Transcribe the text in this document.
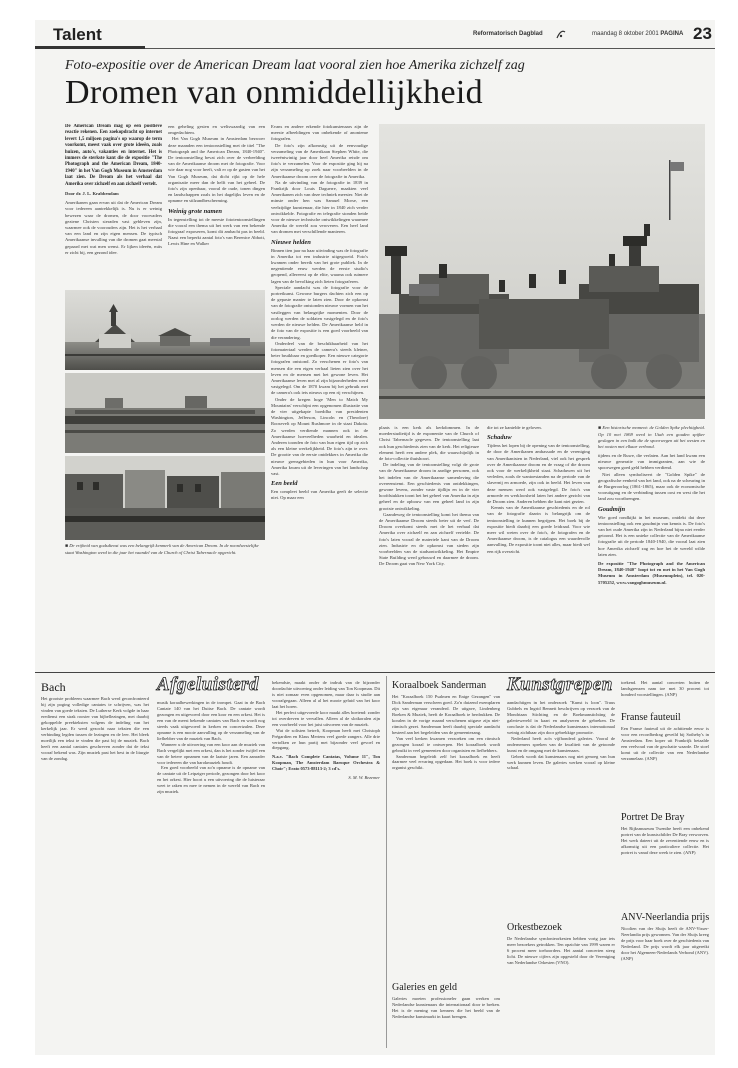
Talent	Reformatorisch Dagblad	maandag 8 oktober 2001 PAGINA 23
Foto-expositie over de American Dream laat vooral zien hoe Amerika zichzelf zag
Dromen van onmiddellijkheid
De American Dream mag op een positieve reactie rekenen. Een zoekopdracht op internet levert 1,5 miljoen pagina's op waarop de term voorkomt, meest vaak over grote ideeën, zoals huizen, auto's, vakanties en internet. Het is immers de sterkste kant die de expositie "The Photograph and the American Dream, 1840-1940" in het Van Gogh Museum in Amsterdam laat zien. De Dream als het verhaal dat Amerika over zichzelf en aan zichzelf vertelt.
Door dr. J. L. Krabbendam
Amerikanen gaan ervan uit dat de American Dream voor iedereen aantrekkelijk is. Nu is er weinig bewezen waar de dromen, de door voorvaders geziene Christen sieraden vast gebleven zijn, waarmee ook de voorouders zijn. Het is het verhaal van een land en zijn eigen mensen. De typisch Amerikaanse invulling van die dromen gaat meestal gepaard met wat men wenst. Er lijken ideeën, mits er zicht bij, een gezond idee.
een geheling gesien en weliswaardig van een omgedachtem.
Het Van Gogh Museum in Amsterdam bezwoer deze maanden een tentoonstelling met de titel "The Photograph and the American Dream, 1840-1940". De tentoonstelling bevat zich over de verbeelding van de Amerikaanse droom met de fotografie. Voor wie daar nog voor heeft, valt er op de gasten van het Van Gogh Museum, dat dicht rijkt op de hele organisatie meer dan de helft van het geheel. De foto's zijn openbaar, vooral de oude, tonen dingen en landschappen zoals in het dagelijks leven en de opname en stilzandbescherming.
Weinig grote namen
In tegenstelling tot de meeste fototentoonstellingen die vooral een thema uit het werk van een bekende fotograaf exposeren, komt dit ambacht pas in beeld. Naast een beperkt aantal foto's van Berenice Abbott, Lewis Hine en Walker
Evans en andere erkende fotokunstenaars zijn de meeste afbeeldingen van onbekende of anonieme fotografen.
De foto's zijn afkomstig uit de eenvoudige verzameling van de Amerikaan Stephen White, die tweeëntwintig jaar door heel Amerika reisde om foto's te verzamelen. Voor de expositie ging hij na zijn verzameling op zoek naar voorbeelden in de Amerikaanse droom over de fotografie in Amerika.
Na de uitvinding van de fotografie in 1839 in Frankrijk door Louis Daguerre, maakten veel Amerikanen zich van deze techniek meester. Niet de minste onder hen was Samuel Morse, een veelzijdige kunstenaar, die hier in 1840 zich verder ontwikkelde. Fotografie en telegrafie stonden beide voor de nieuwe technische ontwikkelingen waarmee Amerika de wereld zou veroveren. Een heel land van dromen met verschillende manieren.
Nieuwe helden
Binnen tien jaar na haar uitvinding was de fotografie in Amerika tot een industrie uitgegroeid. Foto's kwamen onder bereik van het grote publiek. In de negentiende eeuw werden de eerste studio's geopend, allereerst op de elite, waarna ook ruimere lagen van de bevolking zich lieten fotograferen.
Speciale aandacht was de fotografie voor de portretkunst. Gewone burgers dachten zich een op de gepaste manier te laten zien. Door de opkomst van de fotografie ontstonden nieuwe vormen van het vastleggen van belangrijke momenten. Door de oorlog werden de soldaten vastgelegd en de foto's werden de nieuwe helden. De Amerikaanse held in de foto van de expositie is een goed voorbeeld van die verandering.
Onderdeel van de beschikbaarheid van het fotomateriaal werden de camera's steeds kleiner, beter bruikbaar en goedkoper. Een nieuwe categorie fotografen ontstond. Zo verschenen er foto's van mensen die een eigen verhaal lieten zien over het leven en de mensen met het gewone leven. Het Amerikaanse leven met al zijn bijzonderheden werd vastgelegd. Om de 1870 kwam bij het gebruik met de camera's ook iets nieuws op een rij verschijnen.
Onder de kregen hoge 'Men to Match My Mountains' verschijnt een opgenomen illustratie van de vier uitgekapte boeddha van presidenten Washington, Jefferson, Lincoln en (Theodore) Roosevelt op Mount Rushmore in de staat Dakota. Zo werden verdiende mannen ook in de Amerikaanse hoeveelheden waarheid en idealen. Anderen toonden de foto van hun eigen tijd op zich als een kleine werkelijkheid. De foto's zijn te over. De grootte van de eerste ontdekkers in Amerika die nieuwe grensgebieden in hun voor Amerika, Amerika kwam uit de leveringen van het landschap vast.
Een beeld
Een compleet beeld van Amerika geeft de selectie niet. Op maar een
■ De vrijheid van godsdienst was een belangrijk kenmerk van de American Dream. In de noordwestelijke staat Washington werd in die jaar het vaandel van de Church of Christ Tabernacle opgericht.
plaats is een kerk als kerkdommen. In de moederstudietijd is de exponentie van de Church of Christ Tabernacle gegeven. De tentoonstelling laat ook hun geschiedenis zien van de kerk. Het religieuze element heeft een andere plek, die waarschijnlijk in de foto-collectie thuishoort.
De indeling van de tentoonstelling volgt de grote van de Amerikaanse droom in aardige personen, ook het indelen van de Amerikaanse samenleving die overeenstemt. Een geschiedenis van ontdekkingen, gewone levens, zonder vaste tijdlijn en in de vier hoofdstukken toont het het geheel van Amerika in zijn geheel en de opbouw van een geheel land in zijn grootste ontwikkeling.
Gaandeweg de tentoonstelling komt het thema van de Amerikaanse Droom steeds beter uit de verf. De Droom overkomt steeds met de het verhaal dat Amerika over zichzelf en aan zichzelf vertelde. De foto's laten vooral de materiele kant van de Droom zien. Industrie en de opkomst van steden zijn voorbeelden van de stadsontwikkeling. Het Empire State Building werd gebouwd en daarmee de droom. De Droom gaat van New York City.
die tot ze kantelde te geloven.
Schaduw
Tijdens het lopen bij de opening van de tentoonstelling, de door de Amerikanen ambassade en de vereniging van Amerikanisten in Nederland, viel ook het gesprek over de Amerikaanse droom en de vraag of die droom ook voor de werkelijkheid staat. Schaduwen uit het verleden, zoals de wantoestanden na de periode van de slavernij en armoede, zijn ook in beeld. Het leven van deze mensen werd ook vastgelegd. De foto's van armoede en werkloosheid laten het andere gezicht van de Droom zien. Anderen hebben die kant niet gezien.
Kennis van de Amerikaanse geschiedenis en de rol van de fotografie daarin is belangrijk om de tentoonstelling te kunnen begrijpen. Het boek bij de expositie biedt daarbij een goede leidraad. Voor wie meer wil weten over de foto's, de fotografen en de Amerikaanse droom, is de catalogus een waardevolle aanvulling. De expositie toont niet alles, maar biedt wel een rijk overzicht.
■ Een historische moment: de Golden Spike plechtigheid. Op 10 mei 1869 werd in Utah een gouden spijker geslagen in een balk die de spoorwegen uit het westen en het oosten met elkaar verbond.
tijdens en de Ruwe, die verlaten. Aan het land kwam een nieuwe generatie van immigranten, aan wie de spoorwegen goed geld hebben verdiend.
Niet alleen symboliseert de "Golden Spike" de geografische eenheid van het land, ook na de scheuring in de Burgeroorlog (1861-1865), maar ook de economische vooruitgang en de verbinding tussen oost en west die het land zou voortbrengen.
Goudmijn
Wie goed rondkijkt in het museum, ontdekt dat deze tentoonstelling ook een goudmijn van kennis is. De foto's van het oude Amerika zijn in Nederland bijna niet eerder getoond. Het is een unieke collectie van de Amerikaanse fotografie uit de periode 1840-1940, die vooral laat zien hoe Amerika zichzelf zag en hoe het de wereld wilde laten zien.
De expositie "The Photograph and the American Dream, 1840-1940" loopt tot en met in het Van Gogh Museum in Amsterdam (Museumplein), tel. 020-5705252, www.vangoghmuseum.nl.
Bach
Het grootste probleem waarmee Bach werd geconfronteerd bij zijn poging volledige cantates te schrijven, was het vinden van goede teksten. De Lutherse Kerk volgde in haar eredienst een strak rooster van bijbellezingen, met daarbij gekoppelde preekteksten volgens de indeling van het kerkelijk jaar. Er werd gezocht naar teksten die een verbinding legden tussen de lezingen en de leer. Het bleek moeilijk een tekst te vinden die past bij de muziek. Bach heeft een aantal cantates geschreven zonder dat de tekst vooraf bekend was. Zijn muziek past het best in de liturgie van de zondag.
Afgeluisterd
musik koraalbewerkingen in de trompet. Gaat in de Bach Cantate 140 van het Duitse Bach. De cantate wordt gezongen en uitgevoerd door een koor en een orkest. Het is een van de meest bekende cantates van Bach en wordt nog steeds vaak uitgevoerd in kerken en concertzalen. Deze opname is een mooie aanvulling op de verzameling van de liefhebber van de muziek van Bach.
Wanneer u de uitvoering van een koor aan de muziek van Bach vergelijkt met een orkest, dan is het zonder twijfel een van de betere opnamen van de laatste jaren. Een aanrader voor iedereen die van barokmuziek houdt.
Een goed voorbeeld van zo'n opname is de opname van de cantate uit de Leipziger periode, gezongen door het koor en het orkest. Hier hoort u een uitvoering die de luisteraar weet te raken en mee te nemen in de wereld van Bach en zijn muziek.
bekendste, maakt onder de indruk van de bijzonder doordachte uitvoering onder leiding van Ton Koopman. Dit is niet zomaar even opgenomen, maar daar is studie aan voorafgegaan. Alleen al al het mooie geluid van het koor laat het horen.
Het perfect uitgevoerde koor maakt alles boeiend: zonder tot overdreven te vervallen. Alleen al de slotkoralen zijn een voorbeeld voor het juist uitvoeren van de muziek.
Wat de solisten betreft, Koopman heeft met Christoph Prégardien en Klaus Mertens veel goede zangers. Alle drie vertolken ze hun partij met bijzonder veel gevoel en diepgang.
N.a.v. "Bach Complete Cantatas, Volume 11", Ton Koopman, The Amsterdam Baroque Orchestra & Choir"; Erato 0573-88113-2; 3 cd's.
S. M. W. Bezemer
Koraalboek Sanderman
Het "Koraalboek 150 Psalmen en Enige Gezangen" van Dick Sanderman verscheen goed. Zo'n duizend exemplaren zijn van eigenaar veranderd. De uitgave, Lindenberg Boeken & Muziek, heeft de Koraalboek te herdrukken. De koralen in de vorige maand verschenen uitgave zijn niet-ritmisch gezet. Sanderman heeft daarbij speciale aandacht besteed aan het begeleiden van de gemeentezang.
Van veel kerken kwamen verzoeken om een ritmisch gezongen koraal te ontwerpen. Het koraalboek wordt gebruikt in veel gemeenten door organisten en liefhebbers.
Sanderman begeleidt zelf het koraalboek en heeft daarmee veel ervaring opgedaan. Het boek is voor iedere organist geschikt.
Galeries en geld
Galeries moeten professioneler gaan werken om Nederlandse kunstenaars die internationaal door te breken. Het is de mening van kenners die het beeld van de Nederlandse kunstmarkt in kaart brengen.
Kunstgrepen
aandachtigen in het onderzoek "Kunst is loon". Truus Gubbels en Ingrid Bennett beschrijven op verzoek van de Mondriaan Stichting en de Boekmanstichting de galeriewereld in kaart en analyseren de gebreken. De conclusie is dat de Nederlandse kunstenaars internationaal weinig zichtbaar zijn door gebrekkige promotie.
Nederland heeft zo'n vijfhonderd galeries. Vooral de ondernemers spreken van de kwaliteit van de getoonde kunst en de omgang met de kunstenaars.
Gebrek wordt dat kunstenaars nog niet genoeg van hun werk kunnen leven. De galeries werken vooral op kleine schaal.
Orkestbezoek
De Nederlandse symfonieorkesten hebben vorig jaar iets meer bezoekers getrokken. Ten opzichte van 1999 waren er 6 procent meer toehoorders. Het aantal concerten steeg licht. De nieuwe cijfers zijn opgesteld door de Vereniging van Nederlandse Orkesten (VNO).
toekend. Het aantal concerten buiten de landsgrenzen nam toe met 30 procent tot honderd voorstellingen. (ANP)
Franse fauteuil
Een Franse fauteuil uit de achttiende eeuw is voor een recordbedrag geveild bij Sotheby's in Amsterdam. Een koper uit Frankrijk betaalde een veelvoud van de geschatte waarde. De stoel komt uit de collectie van een Nederlandse verzamelaar. (ANP)
Portret De Bray
Het Rijksmuseum Twenthe heeft een onbekend portret van de kunstschilder De Bray verworven. Het werk dateert uit de zeventiende eeuw en is afkomstig uit een particuliere collectie. Het portret is vanaf deze week te zien. (ANP)
ANV-Neerlandia prijs
Nicolien van der Sluijs heeft de ANV-Visser-Neerlandia prijs gewonnen. Van der Sluijs kreeg de prijs voor haar boek over de geschiedenis van Nederland. De prijs wordt elk jaar uitgereikt door het Algemeen-Nederlands Verbond (ANV). (ANP)
